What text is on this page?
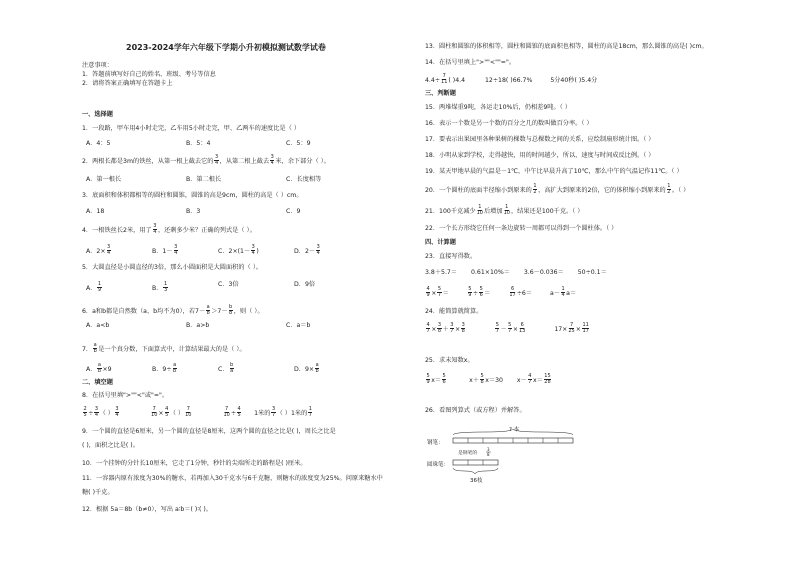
2023-2024学年六年级下学期小升初模拟测试数学试卷
注意事项：
1．答题前填写好自己的姓名、班级、考号等信息
2．请将答案正确填写在答题卡上
一、选择题
1．一段路，甲车用4小时走完，乙车用5小时走完，甲、乙两车的速度比是（ ）
A．4：5	B．5：4	C．5：9
2．两根长都是3m的铁丝，从第一根上截去它的 $\frac{3}{4}$ ，从第二根上截去 $\frac{3}{4}$ 米，余下部分（ ）。
A．第一根长	B．第二根长	C．长度相等
3．底面积和体积都相等的圆柱和圆锥，圆锥的高是9cm，圆柱的高是（ ）cm。
A．18	B．3	C．9
4．一根铁丝长2米，用了 $\frac{3}{4}$ ，还剩多少米？正确的列式是（ ）。
A．$2\times \frac{3}{4}$	B．$1- \frac{3}{4}$	C．$2\times(1- \frac{3}{4}$ )	D．$2- \frac{3}{4}$
5．大圆直径是小圆直径的3倍，那么小圆面积是大圆面积的（ ）。
A． $\frac{1}{9}$	B． $\frac{1}{3}$	C．3倍	D．9倍
6．a和b都是自然数（a、b均不为0），若$7- \frac{a}{8} >7- \frac{b}{8}$ ，则（ ）。
A．a<b	B．a>b	C．a＝b
7． $\frac{a}{b}$ 是一个真分数，下面算式中，计算结果最大的是（ ）。
A． $\frac{a}{b} \times 9$	B．$9\div \frac{a}{b}$	C． $\frac{b}{a}$	D．$9\times \frac{a}{b}$
二、填空题
8．在括号里填">""<"或"="。
$\frac{2}{5} \div \frac{3}{4}$ （ ） $\frac{3}{4}$
	$\frac{7}{10} \times \frac{4}{5}$ （ ） $\frac{7}{10}$
	$\frac{7}{10} \div \frac{4}{5} 1$米的 $\frac{3}{7}$ （ ）1米的 $\frac{1}{7}$
9．一个圆的直径是6厘米，另一个圆的直径是8厘米，这两个圆的直径之比是( )，周长之比是
( )，面积之比是( )。
10．一个挂钟的分针长10厘米，它走了1分钟，秒针的尖端所走的路程是( )厘米。
11．一容器内原有浓度为30%的糖水，若再加入30千克水与6千克糖，则糖水的浓度变为25%。问原来糖水中
糖( )千克。
12．根据 5a＝8b（b≠0），写出 a∶b＝( )∶( )。
13．圆柱和圆锥的体积相等，圆柱和圆锥的底面积也相等，圆柱的高是18cm，那么圆锥的高是( )cm。
14．在括号里填上">""<""="。
$4.4\div \frac{7}{11}$ ( )4.4	12÷18( )66.7%	5分40秒( )5.4分
三、判断题
15．两堆煤重9吨，各运走10%后，仍相差9吨。（ ）
16．表示一个数是另一个数的百分之几的数叫做百分率。（ ）
17．要表示出果园里各种果树的棵数与总棵数之间的关系，应绘制扇形统计图。（ ）
18．小明从家到学校，走得越快，用的时间越少，所以，速度与时间成反比例。（ ）
19．某天甲地早晨的气温是－1℃，中午比早晨升高了10℃，那么中午的气温记作11℃。（ ）
20．一个圆柱的底面半径缩小到原来的 $\frac{1}{2}$ ，高扩大到原来的2倍，它的体积缩小到原来的 $\frac{1}{2}$ 。（ ）
21．100千克减少 $\frac{1}{10}$ 后增加 $\frac{1}{10}$ ，结果还是100千克。（ ）
22．一个长方形绕它任何一条边旋转一周都可以得到一个圆柱体。（ ）
四、计算题
23．直接写得数。
3.8＋5.7＝ 0.61×10%＝ 3.6－0.036＝ 50÷0.1＝
$\frac{4}{9} \times \frac{5}{7}$ ＝	$\frac{5}{9} \div \frac{5}{6}$ ＝	$\frac{6}{17} \div 6=$	$a- \frac{1}{4} a=$
24．能简算就简算。
$\frac{4}{7} \times \frac{3}{8} + \frac{3}{7} \times \frac{3}{8}$
	$\frac{5}{7} - \frac{5}{7} \times \frac{6}{13}$	$17\times \frac{7}{25} \times \frac{11}{17}$
25．求未知数x。
$\frac{5}{9} x= \frac{5}{6}$	$x+ \frac{5}{8} x=30$ $x- \frac{4}{7} x= \frac{15}{28}$
26．看图列算式（或方程）并解答。
? 本
钢笔：
是钢笔的
3
8
圆珠笔：
36枝
